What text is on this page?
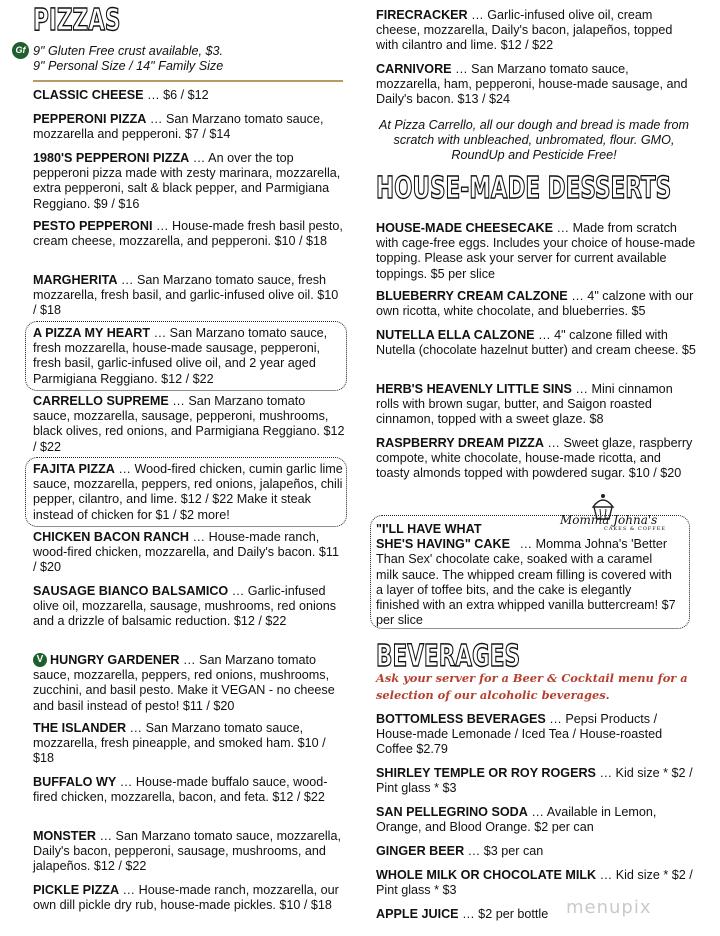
PIZZAS
Gf 9" Gluten Free crust available, $3.
9" Personal Size / 14" Family Size
V
CLASSIC CHEESE … $6 / $12
PEPPERONI PIZZA … San Marzano tomato sauce, mozzarella and pepperoni. $7 / $14
1980'S PEPPERONI PIZZA … An over the top pepperoni pizza made with zesty marinara, mozzarella, extra pepperoni, salt & black pepper, and Parmigiana Reggiano. $9 / $16
PESTO PEPPERONI … House-made fresh basil pesto, cream cheese, mozzarella, and pepperoni. $10 / $18
MARGHERITA … San Marzano tomato sauce, fresh mozzarella, fresh basil, and garlic-infused olive oil. $10 / $18
A PIZZA MY HEART … San Marzano tomato sauce, fresh mozzarella, house-made sausage, pepperoni, fresh basil, garlic-infused olive oil, and 2 year aged Parmigiana Reggiano. $12 / $22
CARRELLO SUPREME … San Marzano tomato sauce, mozzarella, sausage, pepperoni, mushrooms, black olives, red onions, and Parmigiana Reggiano. $12 / $22
FAJITA PIZZA … Wood-fired chicken, cumin garlic lime sauce, mozzarella, peppers, red onions, jalapeños, chili pepper, cilantro, and lime. $12 / $22 Make it steak instead of chicken for $1 / $2 more!
CHICKEN BACON RANCH … House-made ranch, wood-fired chicken, mozzarella, and Daily's bacon. $11 / $20
SAUSAGE BIANCO BALSAMICO … Garlic-infused olive oil, mozzarella, sausage, mushrooms, red onions and a drizzle of balsamic reduction. $12 / $22
HUNGRY GARDENER … San Marzano tomato sauce, mozzarella, peppers, red onions, mushrooms, zucchini, and basil pesto. Make it VEGAN - no cheese and basil instead of pesto! $11 / $20
THE ISLANDER … San Marzano tomato sauce, mozzarella, fresh pineapple, and smoked ham. $10 / $18
BUFFALO WY … House-made buffalo sauce, wood-fired chicken, mozzarella, bacon, and feta. $12 / $22
MONSTER … San Marzano tomato sauce, mozzarella, Daily's bacon, pepperoni, sausage, mushrooms, and jalapeños. $12 / $22
PICKLE PIZZA … House-made ranch, mozzarella, our own dill pickle dry rub, house-made pickles. $10 / $18
FIRECRACKER … Garlic-infused olive oil, cream cheese, mozzarella, Daily's bacon, jalapeños, topped with cilantro and lime. $12 / $22
CARNIVORE … San Marzano tomato sauce, mozzarella, ham, pepperoni, house-made sausage, and Daily's bacon. $13 / $24
At Pizza Carrello, all our dough and bread is made from scratch with unbleached, unbromated, flour. GMO, RoundUp and Pesticide Free!
HOUSE-MADE DESSERTS
HOUSE-MADE CHEESECAKE … Made from scratch with cage-free eggs. Includes your choice of house-made topping. Please ask your server for current available toppings. $5 per slice
BLUEBERRY CREAM CALZONE … 4" calzone with our own ricotta, white chocolate, and blueberries. $5
NUTELLA ELLA CALZONE … 4" calzone filled with Nutella (chocolate hazelnut butter) and cream cheese. $5
HERB'S HEAVENLY LITTLE SINS … Mini cinnamon rolls with brown sugar, butter, and Saigon roasted cinnamon, topped with a sweet glaze. $8
RASPBERRY DREAM PIZZA … Sweet glaze, raspberry compote, white chocolate, house-made ricotta, and toasty almonds topped with powdered sugar. $10 / $20
"I'LL HAVE WHAT SHE'S HAVING" CAKE … Momma Johna's 'Better Than Sex' chocolate cake, soaked with a caramel milk sauce. The whipped cream filling is covered with a layer of toffee bits, and the cake is elegantly finished with an extra whipped vanilla buttercream! $7 per slice
BEVERAGES
BOTTOMLESS BEVERAGES … Pepsi Products / House-made Lemonade / Iced Tea / House-roasted Coffee $2.79
SHIRLEY TEMPLE OR ROY ROGERS … Kid size * $2 / Pint glass * $3
SAN PELLEGRINO SODA … Available in Lemon, Orange, and Blood Orange. $2 per can
GINGER BEER … $3 per can
WHOLE MILK OR CHOCOLATE MILK … Kid size * $2 / Pint glass * $3
APPLE JUICE … $2 per bottle
Momma Johna's
CAKES & COFFEE
Ask your server for a Beer & Cocktail menu for a selection of our alcoholic beverages.
menupix
